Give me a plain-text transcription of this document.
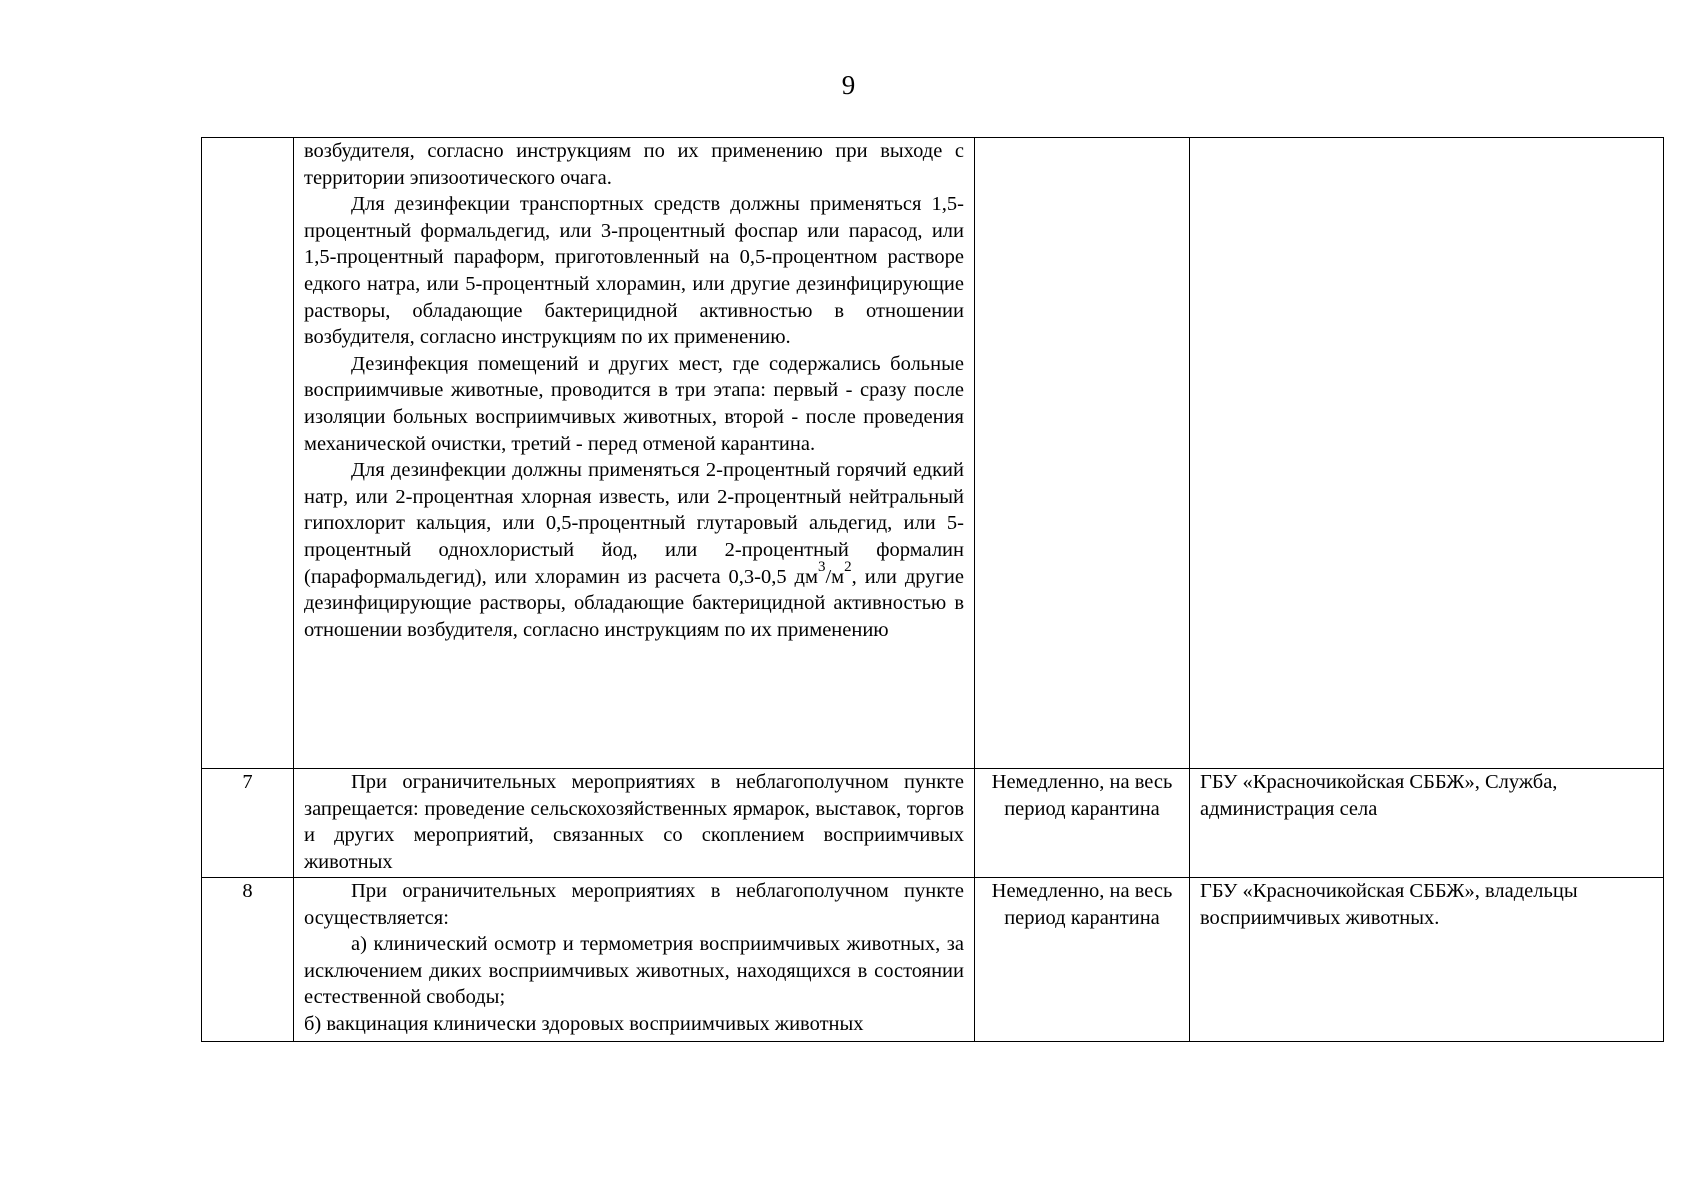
9

	возбудителя, согласно инструкциям по их применению при выходе с территории эпизоотического очага.

Для дезинфекции транспортных средств должны применяться 1,5-процентный формальдегид, или 3-процентный фоспар или парасод, или 1,5-процентный параформ, приготовленный на 0,5-процентном растворе едкого натра, или 5-процентный хлорамин, или другие дезинфицирующие растворы, обладающие бактерицидной активностью в отношении возбудителя, согласно инструкциям по их применению.

Дезинфекция помещений и других мест, где содержались больные восприимчивые животные, проводится в три этапа: первый - сразу после изоляции больных восприимчивых животных, второй - после проведения механической очистки, третий - перед отменой карантина.

Для дезинфекции должны применяться 2-процентный горячий едкий натр, или 2-процентная хлорная известь, или 2-процентный нейтральный гипохлорит кальция, или 0,5-процентный глутаровый альдегид, или 5-процентный однохлористый йод, или 2-процентный формалин (параформальдегид), или хлорамин из расчета 0,3-0,5 $дм^3/м^2$, или другие дезинфицирующие растворы, обладающие бактерицидной активностью в отношении возбудителя, согласно инструкциям по их применению		

7	При ограничительных мероприятиях в неблагополучном пункте запрещается: проведение сельскохозяйственных ярмарок, выставок, торгов и других мероприятий, связанных со скоплением восприимчивых животных	Немедленно, на весь период карантина	ГБУ «Красночикойская СББЖ», Служба, администрация села
8	При ограничительных мероприятиях в неблагополучном пункте осуществляется:

а) клинический осмотр и термометрия восприимчивых животных, за исключением диких восприимчивых животных, находящихся в состоянии естественной свободы;

б) вакцинация клинически здоровых восприимчивых животных	Немедленно, на весь период карантина	ГБУ «Красночикойская СББЖ», владельцы восприимчивых животных.
